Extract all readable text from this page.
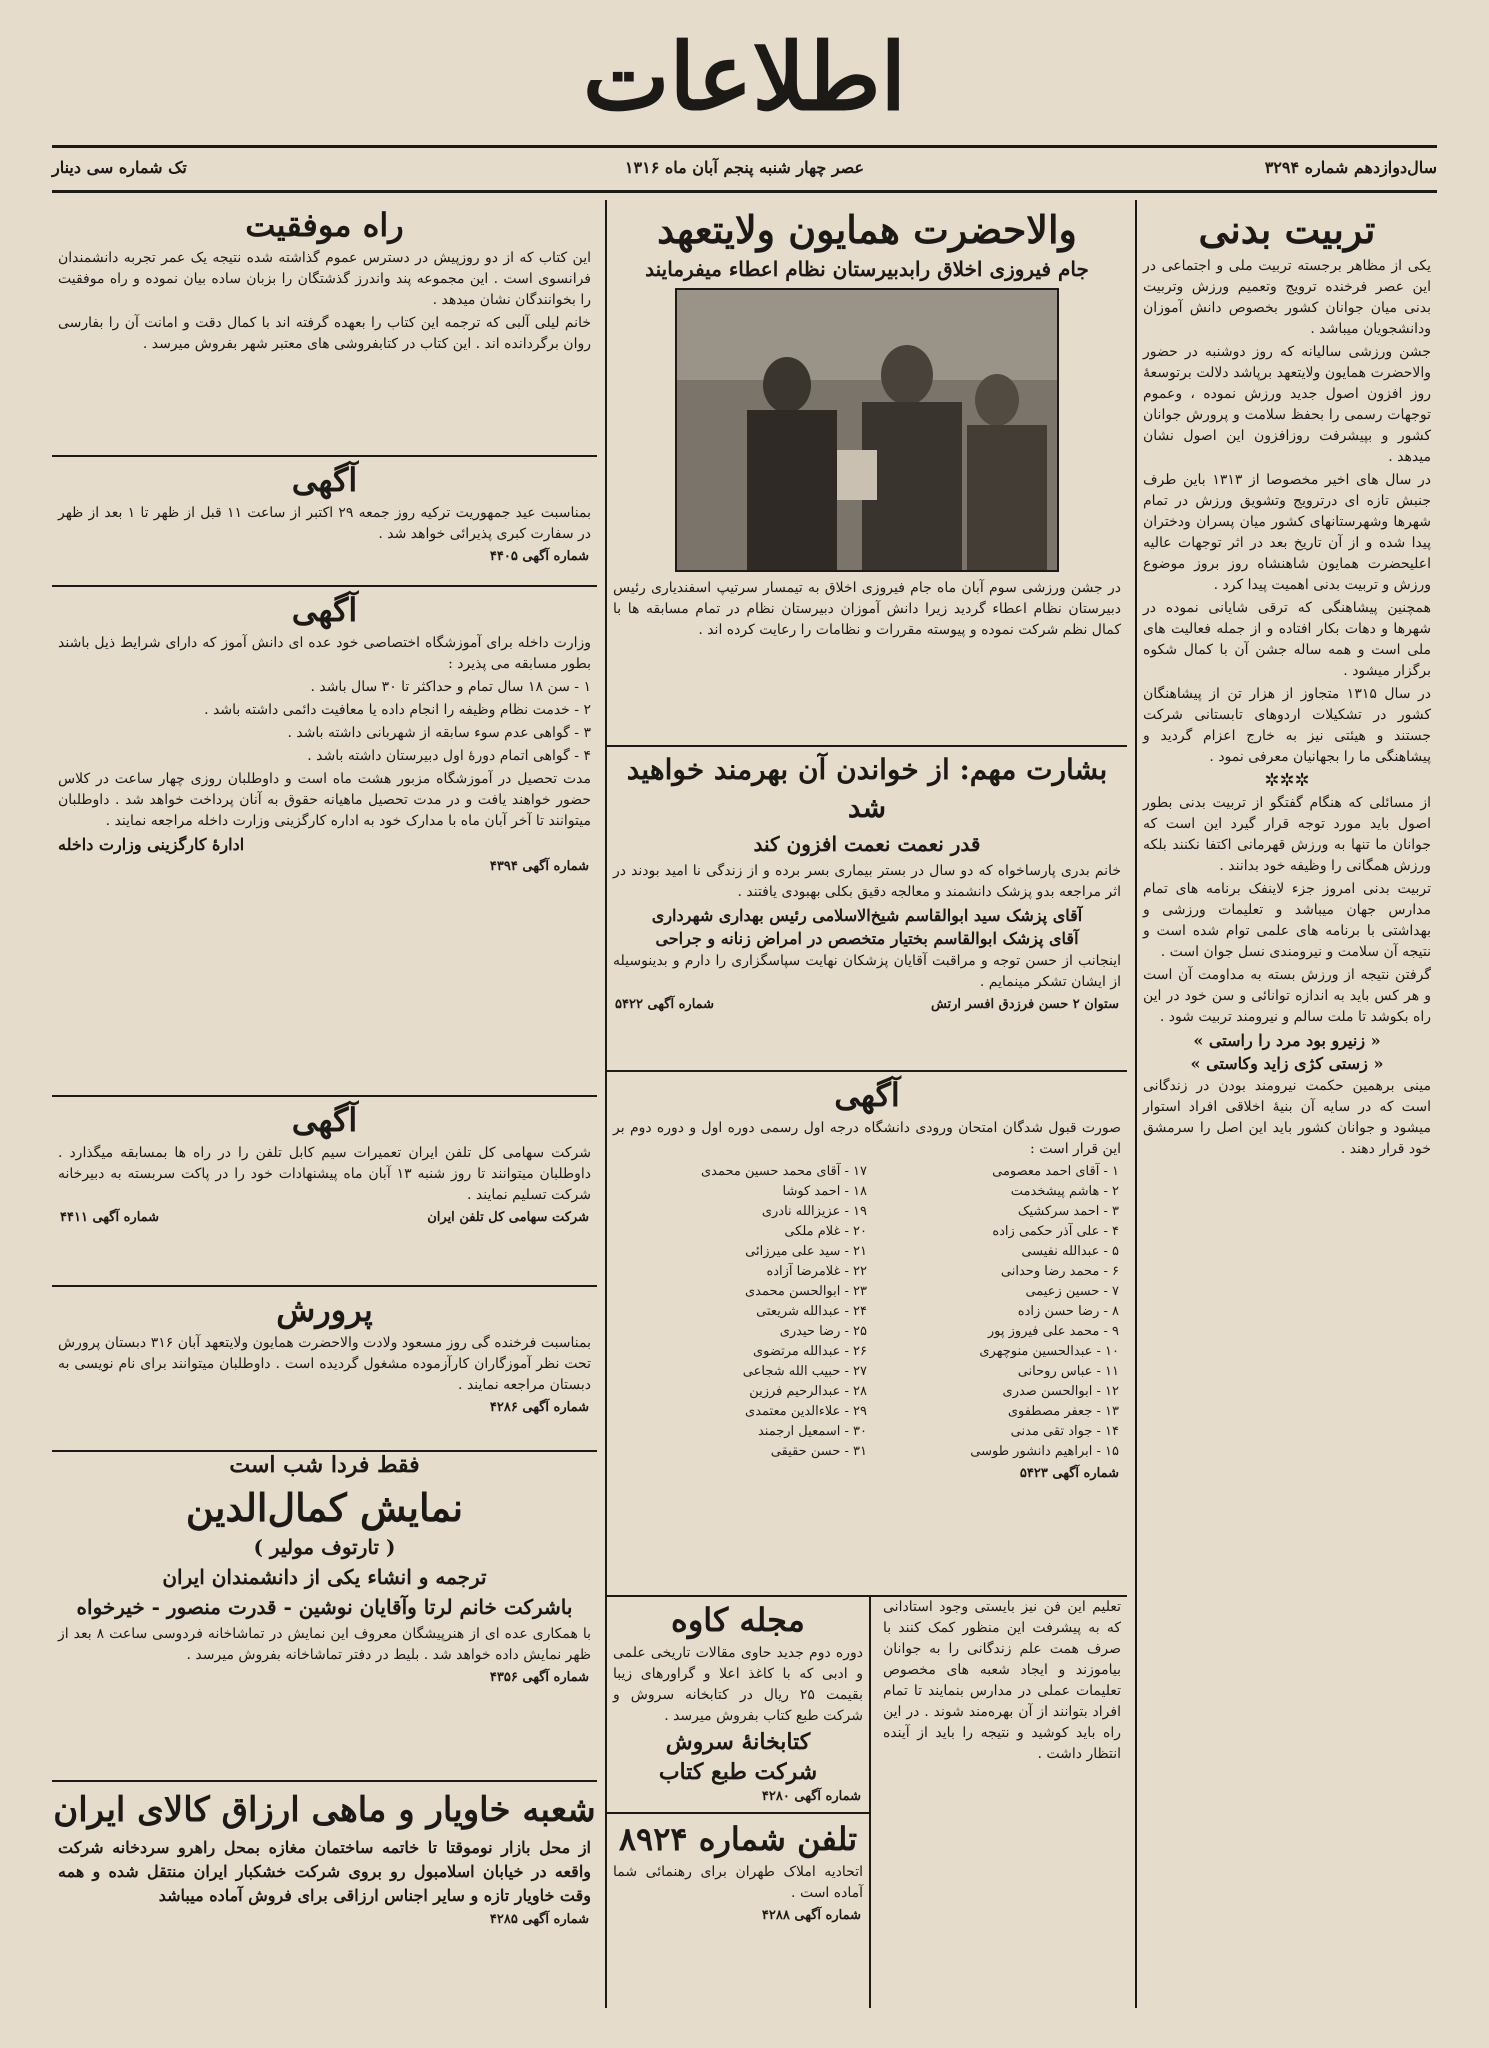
اطلاعات
سال‌دوازدهم شماره ۳۲۹۴
عصر چهار شنبه پنجم آبان ماه ۱۳۱۶
تک شماره سی دینار
تربیت بدنی

یکی از مظاهر برجسته تربیت ملی و اجتماعی در این عصر فرخنده ترویج وتعمیم ورزش وتربیت بدنی میان جوانان کشور بخصوص دانش آموزان ودانشجویان میباشد .

جشن ورزشی سالیانه که روز دوشنبه در حضور والاحضرت همایون ولایتعهد برپاشد دلالت برتوسعۀ روز افزون اصول جدید ورزش نموده ، وعموم توجهات رسمی را بحفظ سلامت و پرورش جوانان کشور و بپیشرفت روزافزون این اصول نشان میدهد .

در سال های اخیر مخصوصا از ۱۳۱۳ باین طرف جنبش تازه ای درترویج وتشویق ورزش در تمام شهرها وشهرستانهای کشور میان پسران ودختران پیدا شده و از آن تاریخ بعد در اثر توجهات عالیه اعلیحضرت همایون شاهنشاه روز بروز موضوع ورزش و تربیت بدنی اهمیت پیدا کرد .

همچنین پیشاهنگی که ترقی شایانی نموده در شهرها و دهات بکار افتاده و از جمله فعالیت های ملی است و همه ساله جشن آن با کمال شکوه برگزار میشود .

در سال ۱۳۱۵ متجاوز از هزار تن از پیشاهنگان کشور در تشکیلات اردوهای تابستانی شرکت جستند و هیئتی نیز به خارج اعزام گردید و پیشاهنگی ما را بجهانیان معرفی نمود .

✲✲✲

از مسائلی که هنگام گفتگو از تربیت بدنی بطور اصول باید مورد توجه قرار گیرد این است که جوانان ما تنها به ورزش قهرمانی اکتفا نکنند بلکه ورزش همگانی را وظیفه خود بدانند .

تربیت بدنی امروز جزء لاینفک برنامه های تمام مدارس جهان میباشد و تعلیمات ورزشی و بهداشتی با برنامه های علمی توام شده است و نتیجه آن سلامت و نیرومندی نسل جوان است .

گرفتن نتیجه از ورزش بسته به مداومت آن است و هر کس باید به اندازه توانائی و سن خود در این راه بکوشد تا ملت سالم و نیرومند تربیت شود .

« زنیرو بود مرد را راستی »

« زستی کژی زاید وکاستی »

مینی برهمین حکمت نیرومند بودن در زندگانی است که در سایه آن بنیۀ اخلاقی افراد استوار میشود و جوانان کشور باید این اصل را سرمشق خود قرار دهند .

والاحضرت همایون ولایتعهد
جام فیروزی اخلاق رابدبیرستان نظام اعطاء میفرمایند

در جشن ورزشی سوم آبان ماه جام فیروزی اخلاق به تیمسار سرتیپ اسفندیاری رئیس دبیرستان نظام اعطاء گردید زیرا دانش آموزان دبیرستان نظام در تمام مسابقه ها با کمال نظم شرکت نموده و پیوسته مقررات و نظامات را رعایت کرده اند .

بشارت مهم: از خواندن آن بهرمند خواهید شد
قدر نعمت نعمت افزون کند

خانم بدری پارساخواه که دو سال در بستر بیماری بسر برده و از زندگی نا امید بودند در اثر مراجعه بدو پزشک دانشمند و معالجه دقیق بکلی بهبودی یافتند .

آقای پزشک سید ابوالقاسم شیخ‌الاسلامی رئیس بهداری شهرداری

آقای پزشک ابوالقاسم بختیار متخصص در امراض زنانه و جراحی

اینجانب از حسن توجه و مراقبت آقایان پزشکان نهایت سپاسگزاری را دارم و بدینوسیله از ایشان تشکر مینمایم .

ستوان ۲ حسن فرزدق افسر ارتش
شماره آگهی ۵۴۲۲
آگهی

صورت قبول شدگان امتحان ورودی دانشگاه درجه اول رسمی دوره اول و دوره دوم بر این قرار است :

۱ - آقای احمد معصومی
۲ - هاشم پیشخدمت
۳ - احمد سرکشیک
۴ - علی آذر حکمی زاده
۵ - عبدالله نفیسی
۶ - محمد رضا وحدانی
۷ - حسین زعیمی
۸ - رضا حسن زاده
۹ - محمد علی فیروز پور
۱۰ - عبدالحسین منوچهری
۱۱ - عباس روحانی
۱۲ - ابوالحسن صدری
۱۳ - جعفر مصطفوی
۱۴ - جواد تقی مدنی
۱۵ - ابراهیم دانشور طوسی
۱۷ - آقای محمد حسین محمدی
۱۸ - احمد کوشا
۱۹ - عزیزالله نادری
۲۰ - غلام ملکی
۲۱ - سید علی میرزائی
۲۲ - غلامرضا آزاده
۲۳ - ابوالحسن محمدی
۲۴ - عبدالله شریعتی
۲۵ - رضا حیدری
۲۶ - عبدالله مرتضوی
۲۷ - حبیب الله شجاعی
۲۸ - عبدالرحیم فرزین
۲۹ - علاء‌الدین معتمدی
۳۰ - اسمعیل ارجمند
۳۱ - حسن حقیقی
شماره آگهی ۵۴۲۳

تعلیم این فن نیز بایستی وجود استادانی که به پیشرفت این منظور کمک کنند با صرف همت علم زندگانی را به جوانان بیاموزند و ایجاد شعبه های مخصوص تعلیمات عملی در مدارس بنمایند تا تمام افراد بتوانند از آن بهره‌مند شوند . در این راه باید کوشید و نتیجه را باید از آینده انتظار داشت .

مجله کاوه

دوره دوم جدید حاوی مقالات تاریخی علمی و ادبی که با کاغذ اعلا و گراورهای زیبا بقیمت ۲۵ ریال در کتابخانه سروش و شرکت طبع کتاب بفروش میرسد .

کتابخانۀ سروش
شرکت طبع کتاب
شماره آگهی ۴۲۸۰
تلفن شماره ۸۹۲۴

اتحادیه املاک طهران برای رهنمائی شما آماده است .

شماره آگهی ۴۲۸۸
راه موفقیت

این کتاب که از دو روزپیش در دسترس عموم گذاشته شده نتیجه یک عمر تجربه دانشمندان فرانسوی است . این مجموعه پند واندرز گذشتگان را بزبان ساده بیان نموده و راه موفقیت را بخوانندگان نشان میدهد .

خانم لیلی آلبی که ترجمه این کتاب را بعهده گرفته اند با کمال دقت و امانت آن را بفارسی روان برگردانده اند . این کتاب در کتابفروشی های معتبر شهر بفروش میرسد .

آگهی

بمناسبت عید جمهوریت ترکیه روز جمعه ۲۹ اکتبر از ساعت ۱۱ قبل از ظهر تا ۱ بعد از ظهر در سفارت کبری پذیرائی خواهد شد .

شماره آگهی ۴۴۰۵
آگهی

وزارت داخله برای آموزشگاه اختصاصی خود عده ای دانش آموز که دارای شرایط ذیل باشند بطور مسابقه می پذیرد :

۱ - سن ۱۸ سال تمام و حداکثر تا ۳۰ سال باشد .

۲ - خدمت نظام وظیفه را انجام داده یا معافیت دائمی داشته باشد .

۳ - گواهی عدم سوء سابقه از شهربانی داشته باشد .

۴ - گواهی اتمام دورۀ اول دبیرستان داشته باشد .

مدت تحصیل در آموزشگاه مزبور هشت ماه است و داوطلبان روزی چهار ساعت در کلاس حضور خواهند یافت و در مدت تحصیل ماهیانه حقوق به آنان پرداخت خواهد شد . داوطلبان میتوانند تا آخر آبان ماه با مدارک خود به اداره کارگزینی وزارت داخله مراجعه نمایند .

ادارۀ کارگزینی وزارت داخله

شماره آگهی ۴۳۹۴
آگهی

شرکت سهامی کل تلفن ایران تعمیرات سیم کابل تلفن را در راه ها بمسابقه میگذارد . داوطلبان میتوانند تا روز شنبه ۱۳ آبان ماه پیشنهادات خود را در پاکت سربسته به دبیرخانه شرکت تسلیم نمایند .

شرکت سهامی کل تلفن ایران
شماره آگهی ۴۴۱۱
پرورش

بمناسبت فرخنده گی روز مسعود ولادت والاحضرت همایون ولایتعهد آبان ۳۱۶ دبستان پرورش تحت نظر آموزگاران کارآزموده مشغول گردیده است . داوطلبان میتوانند برای نام نویسی به دبستان مراجعه نمایند .

شماره آگهی ۴۲۸۶
فقط فردا شب است
نمایش کمال‌الدین
( تارتوف مولیر )
ترجمه و انشاء یکی از دانشمندان ایران
باشرکت خانم لرتا وآقایان نوشین - قدرت منصور - خیرخواه

با همکاری عده ای از هنرپیشگان معروف این نمایش در تماشاخانه فردوسی ساعت ۸ بعد از ظهر نمایش داده خواهد شد . بلیط در دفتر تماشاخانه بفروش میرسد .

شماره آگهی ۴۳۵۶
شعبه خاویار و ماهی ارزاق کالای ایران

از محل بازار نوموقتا تا خاتمه ساختمان مغازه بمحل راهرو سردخانه شرکت واقعه در خیابان اسلامبول رو بروی شرکت خشکبار ایران منتقل شده و همه وقت خاویار تازه و سایر اجناس ارزاقی برای فروش آماده میباشد

شماره آگهی ۴۲۸۵
